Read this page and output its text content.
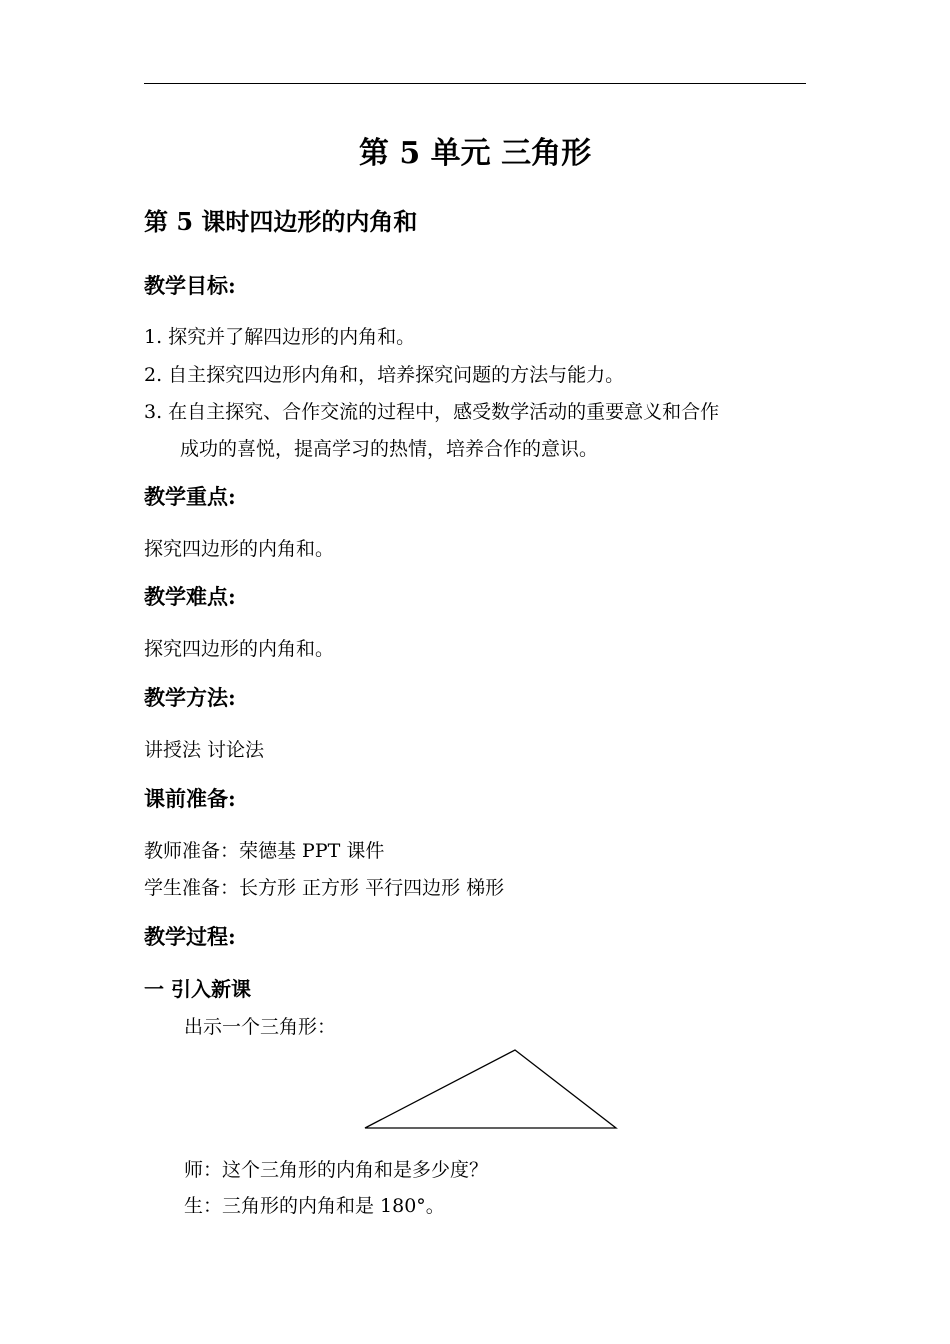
第 5 单元 三角形
第 5 课时四边形的内角和
教学目标:
1. 探究并了解四边形的内角和。
2. 自主探究四边形内角和，培养探究问题的方法与能力。
3. 在自主探究、合作交流的过程中，感受数学活动的重要意义和合作
成功的喜悦，提高学习的热情，培养合作的意识。
教学重点:
探究四边形的内角和。
教学难点:
探究四边形的内角和。
教学方法:
讲授法 讨论法
课前准备:
教师准备：荣德基 PPT 课件
学生准备：长方形 正方形 平行四边形 梯形
教学过程:
一 引入新课
出示一个三角形：
师：这个三角形的内角和是多少度？
生：三角形的内角和是 180°。
